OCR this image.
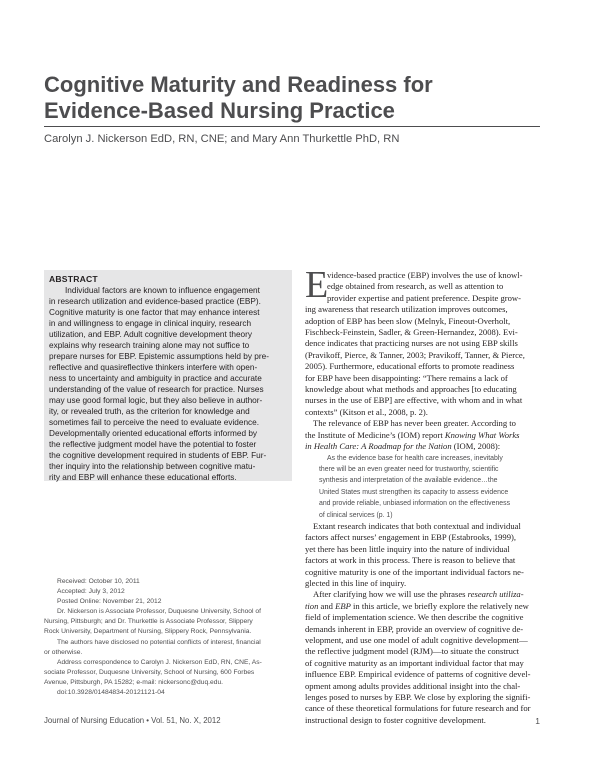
Cognitive Maturity and Readiness for
Evidence-Based Nursing Practice
Carolyn J. Nickerson EdD, RN, CNE; and Mary Ann Thurkettle PhD, RN
ABSTRACT
Individual factors are known to influence engagement
in research utilization and evidence-based practice (EBP).
Cognitive maturity is one factor that may enhance interest
in and willingness to engage in clinical inquiry, research
utilization, and EBP. Adult cognitive development theory
explains why research training alone may not suffice to
prepare nurses for EBP. Epistemic assumptions held by pre-
reflective and quasireflective thinkers interfere with open-
ness to uncertainty and ambiguity in practice and accurate
understanding of the value of research for practice. Nurses
may use good formal logic, but they also believe in author-
ity, or revealed truth, as the criterion for knowledge and
sometimes fail to perceive the need to evaluate evidence.
Developmentally oriented educational efforts informed by
the reflective judgment model have the potential to foster
the cognitive development required in students of EBP. Fur-
ther inquiry into the relationship between cognitive matu-
rity and EBP will enhance these educational efforts.
Received: October 10, 2011
Accepted: July 3, 2012
Posted Online: November 21, 2012
Dr. Nickerson is Associate Professor, Duquesne University, School of
Nursing, Pittsburgh; and Dr. Thurkettle is Associate Professor, Slippery
Rock University, Department of Nursing, Slippery Rock, Pennsylvania.
The authors have disclosed no potential conflicts of interest, financial
or otherwise.
Address correspondence to Carolyn J. Nickerson EdD, RN, CNE, As-
sociate Professor, Duquesne University, School of Nursing, 600 Forbes
Avenue, Pittsburgh, PA 15282; e-mail: nickersonc@duq.edu.
doi:10.3928/01484834-20121121-04
E
vidence-based practice (EBP) involves the use of knowl-
edge obtained from research, as well as attention to
provider expertise and patient preference. Despite grow-
ing awareness that research utilization improves outcomes,
adoption of EBP has been slow (Melnyk, Fineout-Overholt,
Fischbeck-Feinstein, Sadler, & Green-Hernandez, 2008). Evi-
dence indicates that practicing nurses are not using EBP skills
(Pravikoff, Pierce, & Tanner, 2003; Pravikoff, Tanner, & Pierce,
2005). Furthermore, educational efforts to promote readiness
for EBP have been disappointing: “There remains a lack of
knowledge about what methods and approaches [to educating
nurses in the use of EBP] are effective, with whom and in what
contexts” (Kitson et al., 2008, p. 2).
The relevance of EBP has never been greater. According to
the Institute of Medicine’s (IOM) report Knowing What Works
in Health Care: A Roadmap for the Nation (IOM, 2008):
As the evidence base for health care increases, inevitably
there will be an even greater need for trustworthy, scientific
synthesis and interpretation of the available evidence…the
United States must strengthen its capacity to assess evidence
and provide reliable, unbiased information on the effectiveness
of clinical services (p. 1)
Extant research indicates that both contextual and individual
factors affect nurses’ engagement in EBP (Estabrooks, 1999),
yet there has been little inquiry into the nature of individual
factors at work in this process. There is reason to believe that
cognitive maturity is one of the important individual factors ne-
glected in this line of inquiry.
After clarifying how we will use the phrases research utiliza-
tion and EBP in this article, we briefly explore the relatively new
field of implementation science. We then describe the cognitive
demands inherent in EBP, provide an overview of cognitive de-
velopment, and use one model of adult cognitive development—
the reflective judgment model (RJM)—to situate the construct
of cognitive maturity as an important individual factor that may
influence EBP. Empirical evidence of patterns of cognitive devel-
opment among adults provides additional insight into the chal-
lenges posed to nurses by EBP. We close by exploring the signifi-
cance of these theoretical formulations for future research and for
instructional design to foster cognitive development.
Journal of Nursing Education • Vol. 51, No. X, 2012	1
